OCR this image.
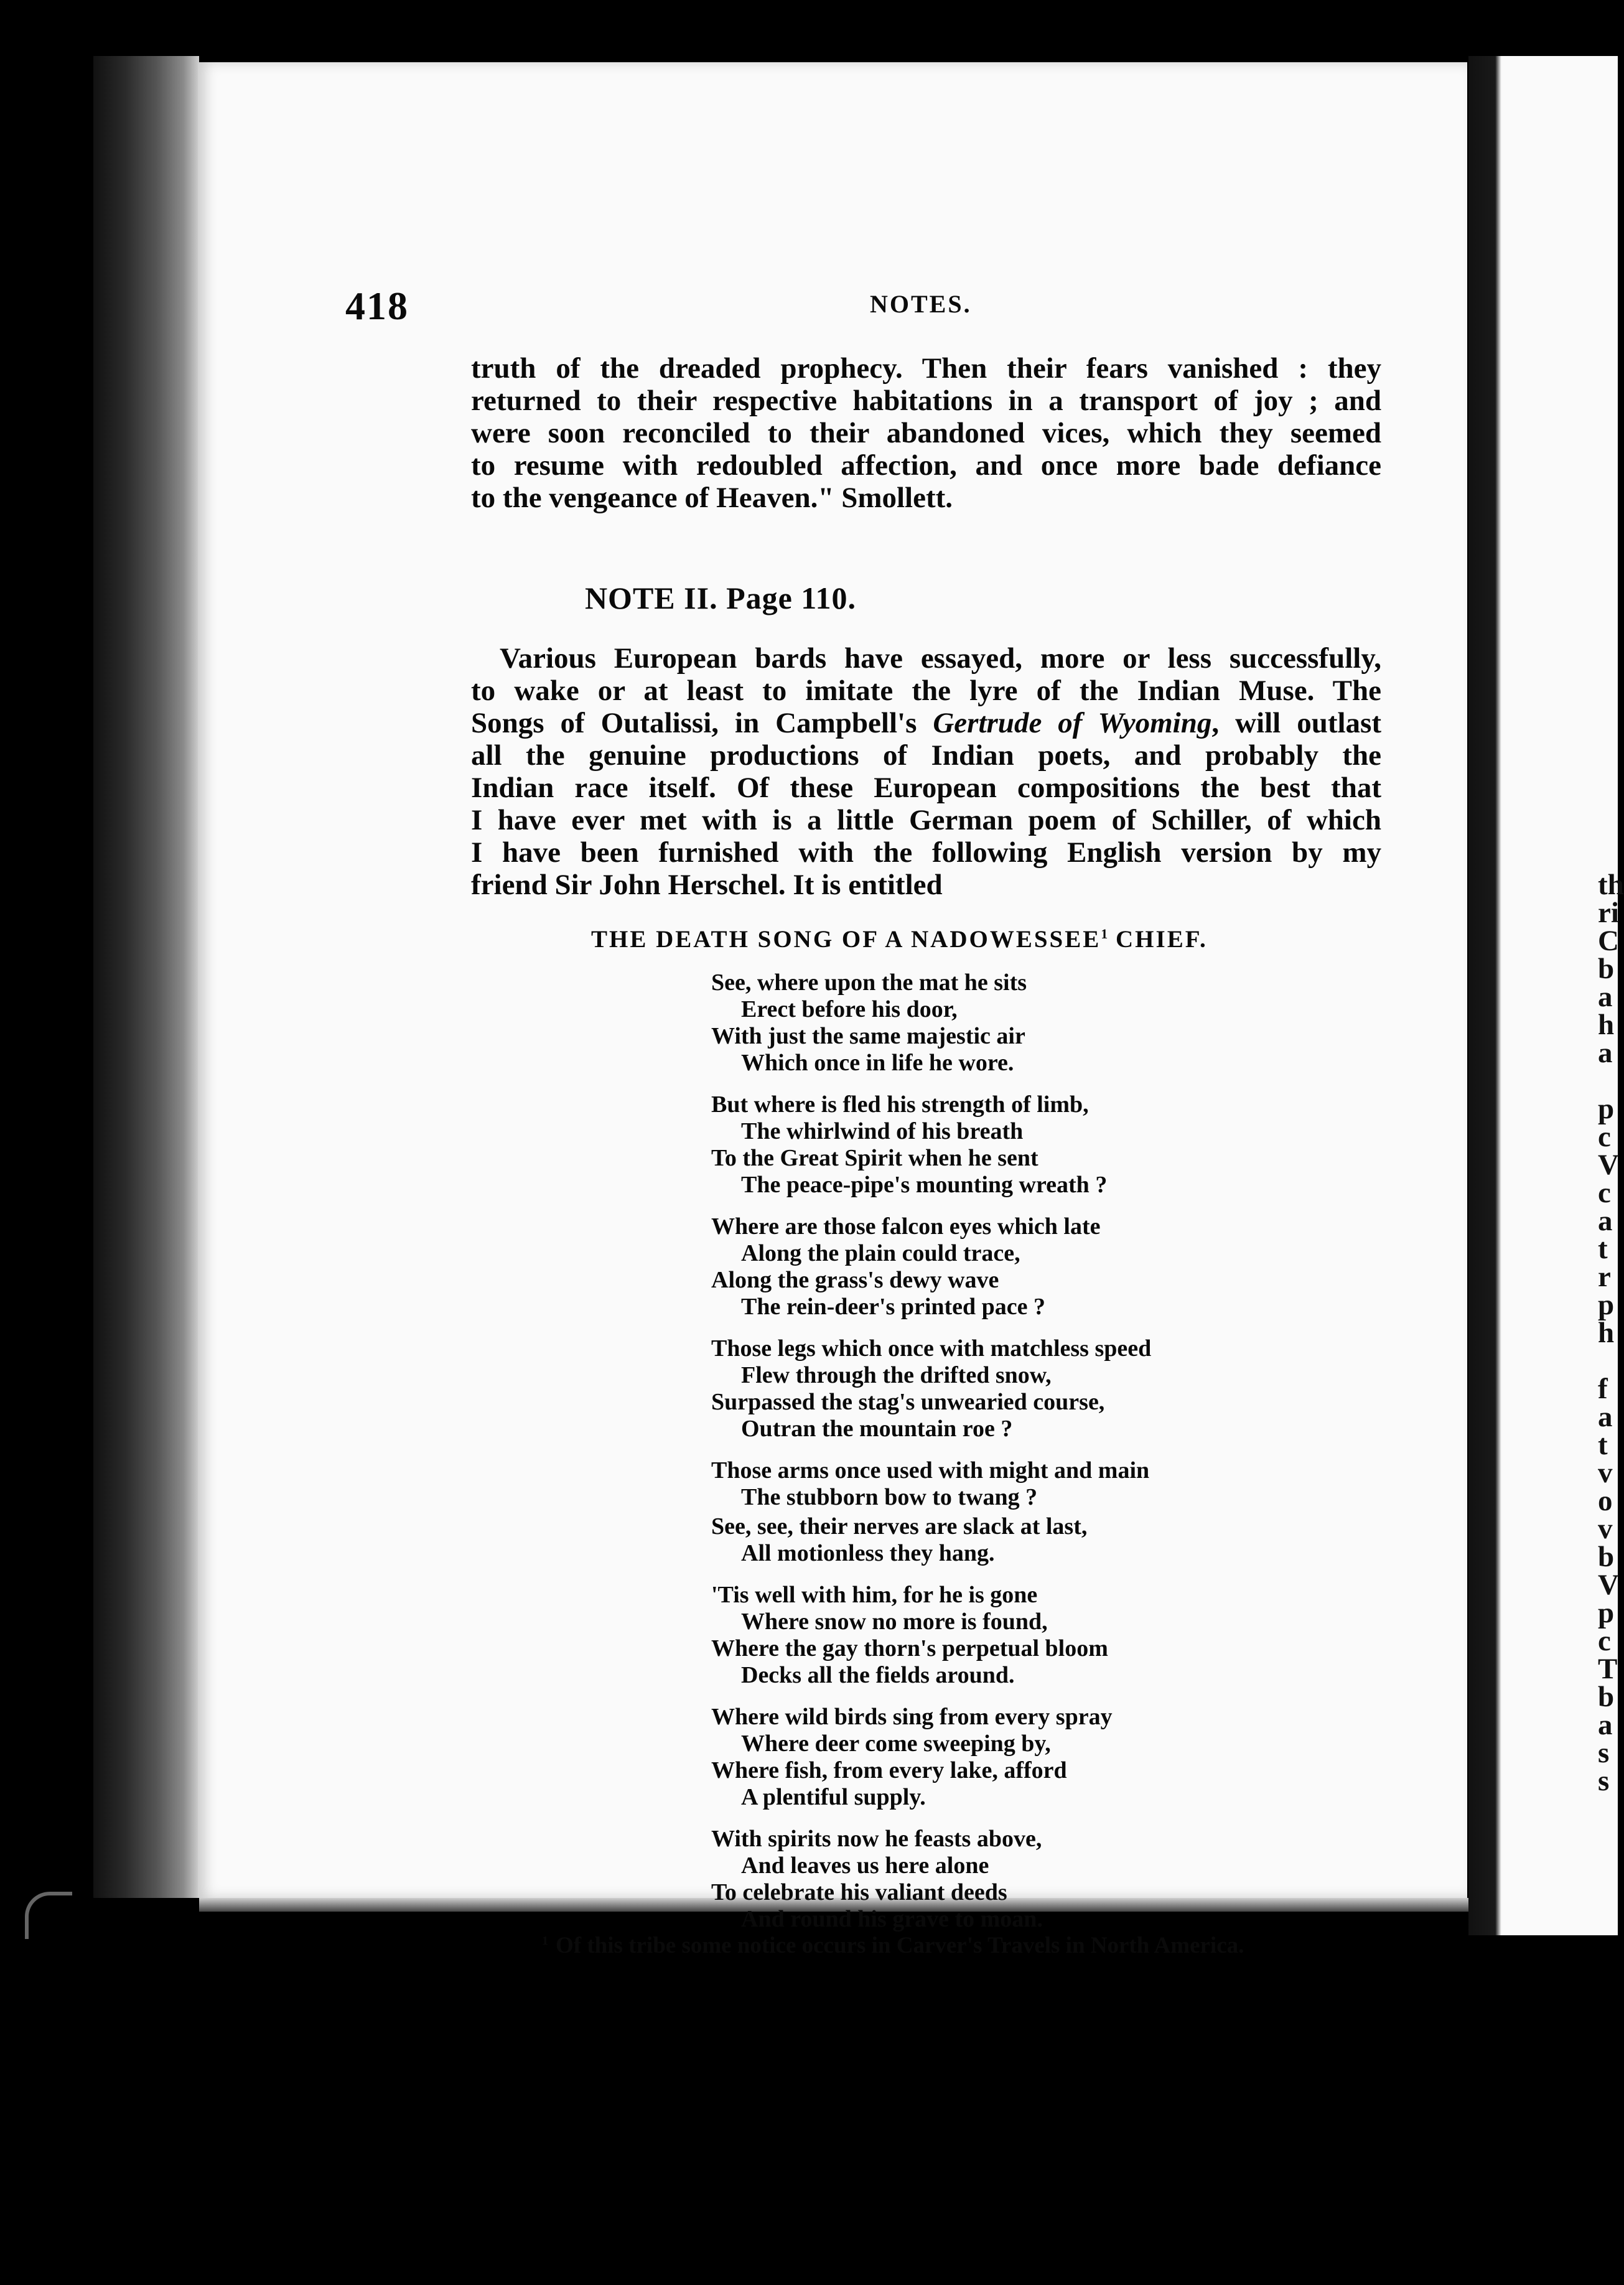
th
ri
C
b
a
h
a

p
c
V
c
a
t
r
p
h

f
a
t
v
o
v
b
V
p
c
T
b
a
s
s
418	NOTES.
truth of the dreaded prophecy. Then their fears vanished : they
returned to their respective habitations in a transport of joy ; and
were soon reconciled to their abandoned vices, which they seemed
to resume with redoubled affection, and once more bade defiance
to the vengeance of Heaven." Smollett.
NOTE II. Page 110.
Various European bards have essayed, more or less successfully,
to wake or at least to imitate the lyre of the Indian Muse. The
Songs of Outalissi, in Campbell's Gertrude of Wyoming, will outlast
all the genuine productions of Indian poets, and probably the
Indian race itself. Of these European compositions the best that
I have ever met with is a little German poem of Schiller, of which
I have been furnished with the following English version by my
friend Sir John Herschel. It is entitled
THE DEATH SONG OF A NADOWESSEE$^1$ CHIEF.
See, where upon the mat he sits
Erect before his door,
With just the same majestic air
Which once in life he wore.
But where is fled his strength of limb,
The whirlwind of his breath
To the Great Spirit when he sent
The peace-pipe's mounting wreath ?
Where are those falcon eyes which late
Along the plain could trace,
Along the grass's dewy wave
The rein-deer's printed pace ?
Those legs which once with matchless speed
Flew through the drifted snow,
Surpassed the stag's unwearied course,
Outran the mountain roe ?
Those arms once used with might and main
The stubborn bow to twang ?
See, see, their nerves are slack at last,
All motionless they hang.
'Tis well with him, for he is gone
Where snow no more is found,
Where the gay thorn's perpetual bloom
Decks all the fields around.
Where wild birds sing from every spray
Where deer come sweeping by,
Where fish, from every lake, afford
A plentiful supply.
With spirits now he feasts above,
And leaves us here alone
To celebrate his valiant deeds
And round his grave to moan.
$^1$ Of this tribe some notice occurs in Carver's Travels in North America.
